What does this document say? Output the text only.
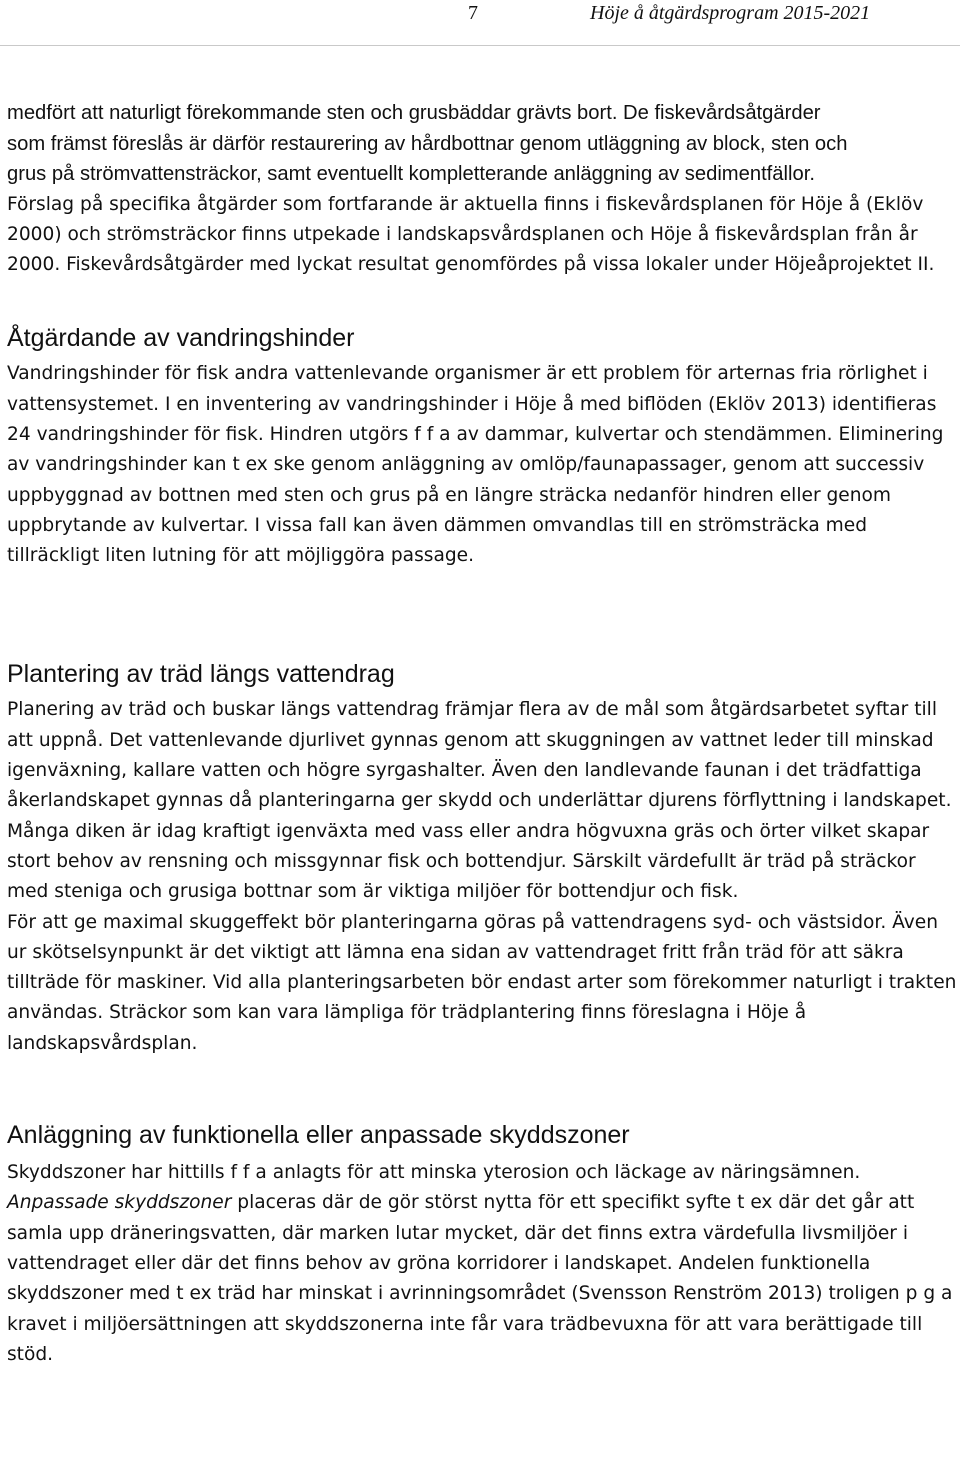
7	Höje å åtgärdsprogram 2015-2021

medfört att naturligt förekommande sten och grusbäddar grävts bort. De fiskevårdsåtgärder
som främst föreslås är därför restaurering av hårdbottnar genom utläggning av block, sten och
grus på strömvattensträckor, samt eventuellt kompletterande anläggning av sedimentfällor.

Förslag på specifika åtgärder som fortfarande är aktuella finns i fiskevårdsplanen för Höje å (Eklöv 2000) och strömsträckor finns utpekade i landskapsvårdsplanen och Höje å fiskevårdsplan från år 2000. Fiskevårdsåtgärder med lyckat resultat genomfördes på vissa lokaler under Höjeåprojektet II.

Åtgärdande av vandringshinder

Vandringshinder för fisk andra vattenlevande organismer är ett problem för arternas fria rörlighet i vattensystemet. I en inventering av vandringshinder i Höje å med biflöden (Eklöv 2013) identifieras 24 vandringshinder för fisk. Hindren utgörs f f a av dammar, kulvertar och stendämmen. Eliminering av vandringshinder kan t ex ske genom anläggning av omlöp/faunapassager, genom att successiv uppbyggnad av bottnen med sten och grus på en längre sträcka nedanför hindren eller genom uppbrytande av kulvertar. I vissa fall kan även dämmen omvandlas till en strömsträcka med tillräckligt liten lutning för att möjliggöra passage.

Plantering av träd längs vattendrag

Planering av träd och buskar längs vattendrag främjar flera av de mål som åtgärdsarbetet syftar till att uppnå. Det vattenlevande djurlivet gynnas genom att skuggningen av vattnet leder till minskad igenväxning, kallare vatten och högre syrgashalter. Även den landlevande faunan i det trädfattiga åkerlandskapet gynnas då planteringarna ger skydd och underlättar djurens förflyttning i landskapet. Många diken är idag kraftigt igenväxta med vass eller andra högvuxna gräs och örter vilket skapar stort behov av rensning och missgynnar fisk och bottendjur. Särskilt värdefullt är träd på sträckor med steniga och grusiga bottnar som är viktiga miljöer för bottendjur och fisk.

För att ge maximal skuggeffekt bör planteringarna göras på vattendragens syd- och västsidor. Även ur skötselsynpunkt är det viktigt att lämna ena sidan av vattendraget fritt från träd för att säkra tillträde för maskiner. Vid alla planteringsarbeten bör endast arter som förekommer naturligt i trakten användas. Sträckor som kan vara lämpliga för trädplantering finns föreslagna i Höje å landskapsvårdsplan.

Anläggning av funktionella eller anpassade skyddszoner

Skyddszoner har hittills f f a anlagts för att minska yterosion och läckage av näringsämnen.

Anpassade skyddszoner placeras där de gör störst nytta för ett specifikt syfte t ex där det går att samla upp dräneringsvatten, där marken lutar mycket, där det finns extra värdefulla livsmiljöer i vattendraget eller där det finns behov av gröna korridorer i landskapet. Andelen funktionella skyddszoner med t ex träd har minskat i avrinningsområdet (Svensson Renström 2013) troligen p g a kravet i miljöersättningen att skyddszonerna inte får vara trädbevuxna för att vara berättigade till stöd.
